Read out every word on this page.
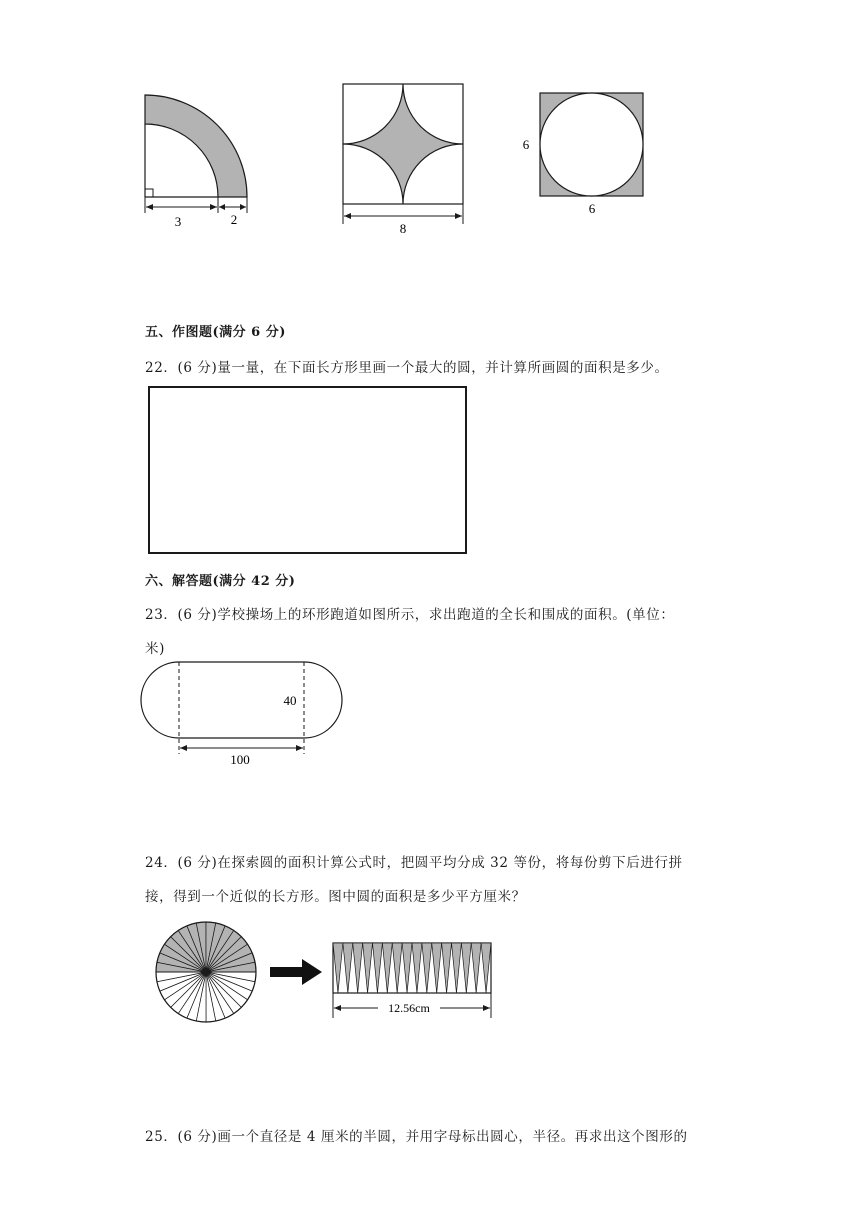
3	2
8
6
6
五、作图题(满分 6 分)
22．(6 分)量一量，在下面长方形里画一个最大的圆，并计算所画圆的面积是多少。
六、解答题(满分 42 分)
23．(6 分)学校操场上的环形跑道如图所示，求出跑道的全长和围成的面积。(单位：
米)
40
100
24．(6 分)在探索圆的面积计算公式时，把圆平均分成 32 等份，将每份剪下后进行拼
接，得到一个近似的长方形。图中圆的面积是多少平方厘米？
12.56cm
25．(6 分)画一个直径是 4 厘米的半圆，并用字母标出圆心，半径。再求出这个图形的
